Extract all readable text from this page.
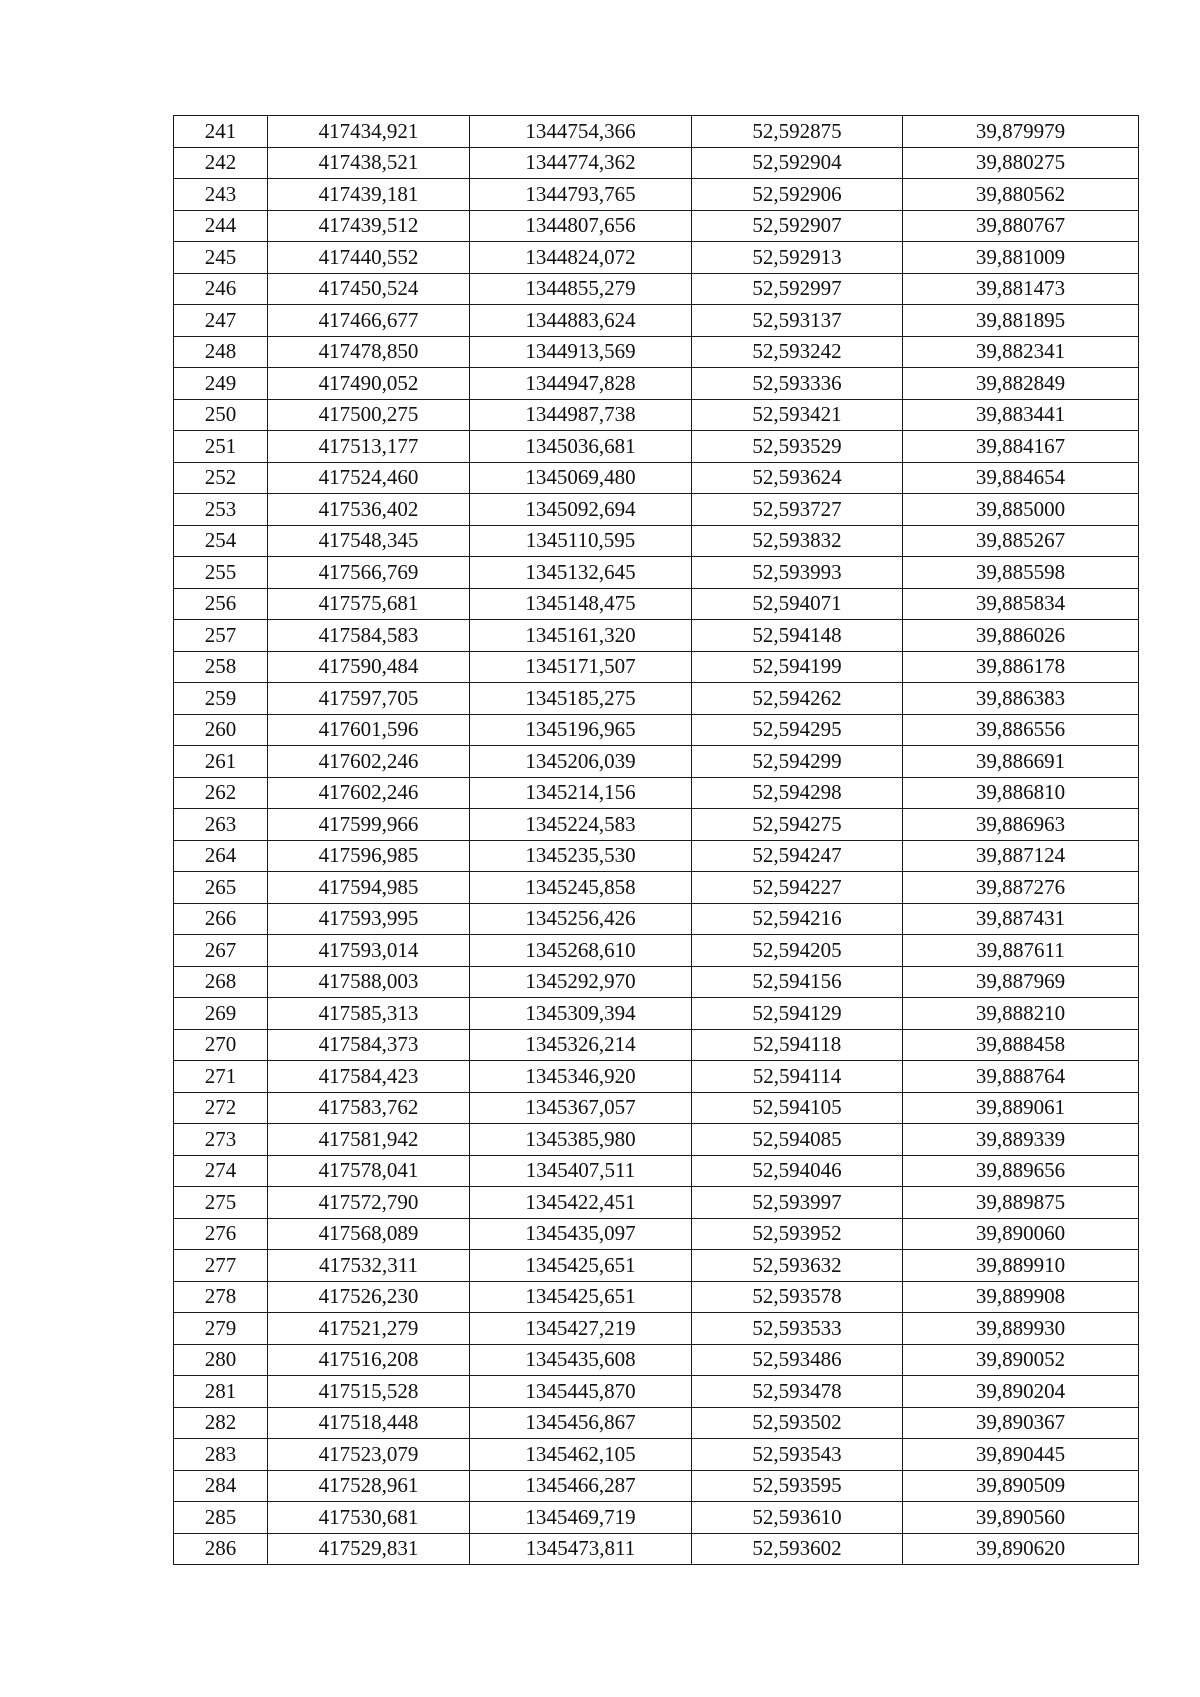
241	417434,921	1344754,366	52,592875	39,879979
242	417438,521	1344774,362	52,592904	39,880275
243	417439,181	1344793,765	52,592906	39,880562
244	417439,512	1344807,656	52,592907	39,880767
245	417440,552	1344824,072	52,592913	39,881009
246	417450,524	1344855,279	52,592997	39,881473
247	417466,677	1344883,624	52,593137	39,881895
248	417478,850	1344913,569	52,593242	39,882341
249	417490,052	1344947,828	52,593336	39,882849
250	417500,275	1344987,738	52,593421	39,883441
251	417513,177	1345036,681	52,593529	39,884167
252	417524,460	1345069,480	52,593624	39,884654
253	417536,402	1345092,694	52,593727	39,885000
254	417548,345	1345110,595	52,593832	39,885267
255	417566,769	1345132,645	52,593993	39,885598
256	417575,681	1345148,475	52,594071	39,885834
257	417584,583	1345161,320	52,594148	39,886026
258	417590,484	1345171,507	52,594199	39,886178
259	417597,705	1345185,275	52,594262	39,886383
260	417601,596	1345196,965	52,594295	39,886556
261	417602,246	1345206,039	52,594299	39,886691
262	417602,246	1345214,156	52,594298	39,886810
263	417599,966	1345224,583	52,594275	39,886963
264	417596,985	1345235,530	52,594247	39,887124
265	417594,985	1345245,858	52,594227	39,887276
266	417593,995	1345256,426	52,594216	39,887431
267	417593,014	1345268,610	52,594205	39,887611
268	417588,003	1345292,970	52,594156	39,887969
269	417585,313	1345309,394	52,594129	39,888210
270	417584,373	1345326,214	52,594118	39,888458
271	417584,423	1345346,920	52,594114	39,888764
272	417583,762	1345367,057	52,594105	39,889061
273	417581,942	1345385,980	52,594085	39,889339
274	417578,041	1345407,511	52,594046	39,889656
275	417572,790	1345422,451	52,593997	39,889875
276	417568,089	1345435,097	52,593952	39,890060
277	417532,311	1345425,651	52,593632	39,889910
278	417526,230	1345425,651	52,593578	39,889908
279	417521,279	1345427,219	52,593533	39,889930
280	417516,208	1345435,608	52,593486	39,890052
281	417515,528	1345445,870	52,593478	39,890204
282	417518,448	1345456,867	52,593502	39,890367
283	417523,079	1345462,105	52,593543	39,890445
284	417528,961	1345466,287	52,593595	39,890509
285	417530,681	1345469,719	52,593610	39,890560
286	417529,831	1345473,811	52,593602	39,890620
